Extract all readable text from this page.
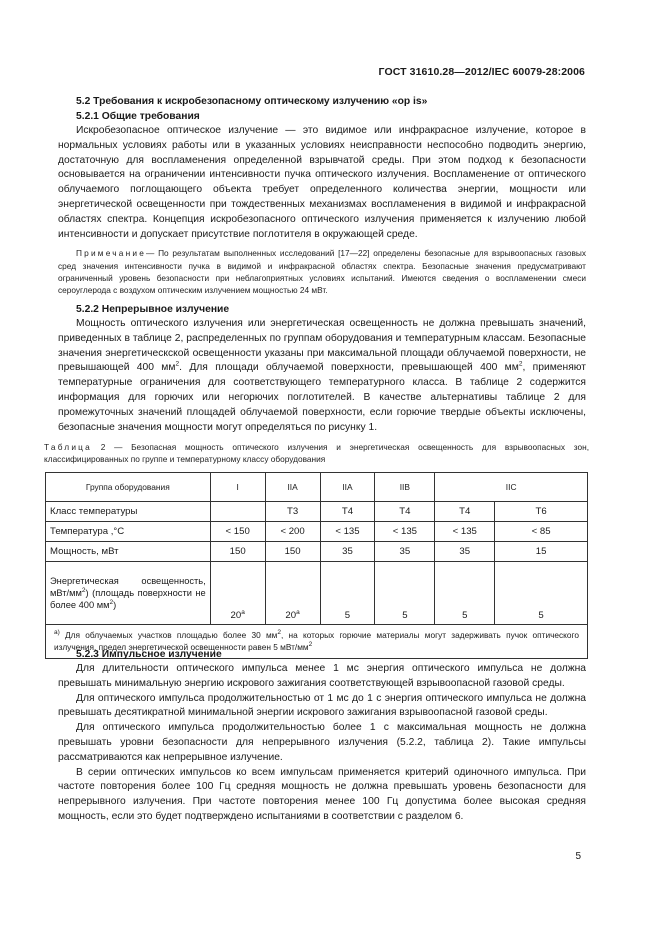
ГОСТ 31610.28—2012/IEC 60079-28:2006
5.2 Требования к искробезопасному оптическому излучению «op is»
5.2.1 Общие требования

Искробезопасное оптическое излучение — это видимое или инфракрасное излучение, которое в нормальных условиях работы или в указанных условиях неисправности неспособно подводить энергию, достаточную для воспламенения определенной взрывчатой среды. При этом подход к безопасности основывается на ограничении интенсивности пучка оптического излучения. Воспламенение от оптического облучаемого поглощающего объекта требует определенного количества энергии, мощности или энергетической освещенности при тождественных механизмах воспламенения в видимой и инфракрасной областях спектра. Концепция искробезопасного оптического излучения применяется к излучению любой интенсивности и допускает присутствие поглотителя в окружающей среде.

Примечание— По результатам выполненных исследований [17—22] определены безопасные для взрывоопасных газовых сред значения интенсивности пучка в видимой и инфракрасной областях спектра. Безопасные значения предусматривают ограниченный уровень безопасности при неблагоприятных условиях испытаний. Имеются сведения о воспламенении смеси сероуглерода с воздухом оптическим излучением мощностью 24 мВт.

5.2.2 Непрерывное излучение

Мощность оптического излучения или энергетическая освещенность не должна превышать значений, приведенных в таблице 2, распределенных по группам оборудования и температурным классам. Безопасные значения энергетическской освещенности указаны при максимальной площади облучаемой поверхности, не превышающей 400 $мм^2$. Для площади облучаемой поверхности, превышающей 400 $мм^2$, применяют температурные ограничения для соответствующего температурного класса. В таблице 2 содержится информация для горючих или негорючих поглотителей. В качестве альтернативы таблице 2 для промежуточных значений площадей облучаемой поверхности, если горючие твердые объекты исключены, безопасные значения мощности могут определяться по рисунку 1.

Таблица 2 — Безопасная мощность оптического излучения и энергетическая освещенность для взрывоопасных зон, классифицированных по группе и температурному классу оборудования
Группа оборудования	I	IIA	IIA	IIB	IIC	
Класс температуры		T3	T4	T4	T4	T6
Температура ,°С	< 150	< 200	< 135	< 135	< 135	< 85
Мощность, мВт	150	150	35	35	35	15
Энергетическая освещенность, мВт/$мм^2$) (площадь поверхности не более 400 $мм^2$)	$20^а$	$20^а$	5	5	5	5
$^{а)}$ Для облучаемых участков площадью более 30 $мм^2$, на которых горючие материалы могут задерживать пучок оптического излучения, предел энергетической освещенности равен 5 мВт/$мм^2$
5.2.3 Импульсное излучение

Для длительности оптического импульса менее 1 мс энергия оптического импульса не должна превышать минимальную энергию искрового зажигания соответствующей взрывоопасной газовой среды.

Для оптического импульса продолжительностью от 1 мс до 1 с энергия оптического импульса не должна превышать десятикратной минимальной энергии искрового зажигания взрывоопасной газовой среды.

Для оптического импульса продолжительностью более 1 с максимальная мощность не должна превышать уровни безопасности для непрерывного излучения (5.2.2, таблица 2). Такие импульсы рассматриваются как непрерывное излучение.

В серии оптических импульсов ко всем импульсам применяется критерий одиночного импульса. При частоте повторения более 100 Гц средняя мощность не должна превышать уровень безопасности для непрерывного излучения. При частоте повторения менее 100 Гц допустима более высокая средняя мощность, если это будет подтверждено испытаниями в соответствии с разделом 6.

5
